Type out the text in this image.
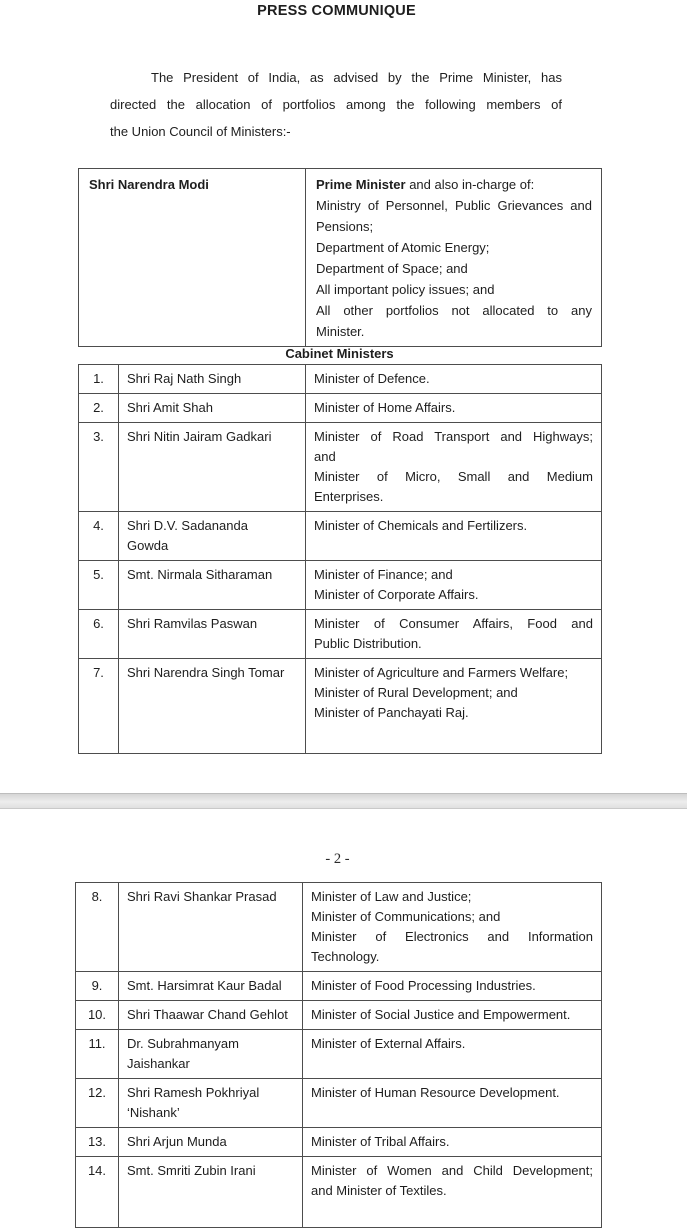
PRESS COMMUNIQUE
The President of India, as advised by the Prime Minister, has
directed the allocation of portfolios among the following members of
the Union Council of Ministers:-
Shri Narendra Modi	Prime Minister and also in-charge of:
Ministry of Personnel, Public Grievances and
Pensions;
Department of Atomic Energy;
Department of Space; and
All important policy issues; and
All other portfolios not allocated to any
Minister.
Cabinet Ministers
1.	Shri Raj Nath Singh	Minister of Defence.

2.	Shri Amit Shah	Minister of Home Affairs.

3.	Shri Nitin Jairam Gadkari	Minister of Road Transport and Highways;
and
Minister of Micro, Small and Medium
Enterprises.

4.	Shri D.V. Sadananda
Gowda	Minister of Chemicals and Fertilizers.

5.	Smt. Nirmala Sitharaman	Minister of Finance; and
Minister of Corporate Affairs.

6.	Shri Ramvilas Paswan	Minister of Consumer Affairs, Food and
Public Distribution.

7.	Shri Narendra Singh Tomar	Minister of Agriculture and Farmers Welfare;
Minister of Rural Development; and
Minister of Panchayati Raj.
- 2 -
8.	Shri Ravi Shankar Prasad	Minister of Law and Justice;
Minister of Communications; and
Minister of Electronics and Information
Technology.

9.	Smt. Harsimrat Kaur Badal	Minister of Food Processing Industries.

10.	Shri Thaawar Chand Gehlot	Minister of Social Justice and Empowerment.

11.	Dr. Subrahmanyam
Jaishankar	Minister of External Affairs.

12.	Shri Ramesh Pokhriyal
‘Nishank’	Minister of Human Resource Development.

13.	Shri Arjun Munda	Minister of Tribal Affairs.

14.	Smt. Smriti Zubin Irani	Minister of Women and Child Development;
and Minister of Textiles.
